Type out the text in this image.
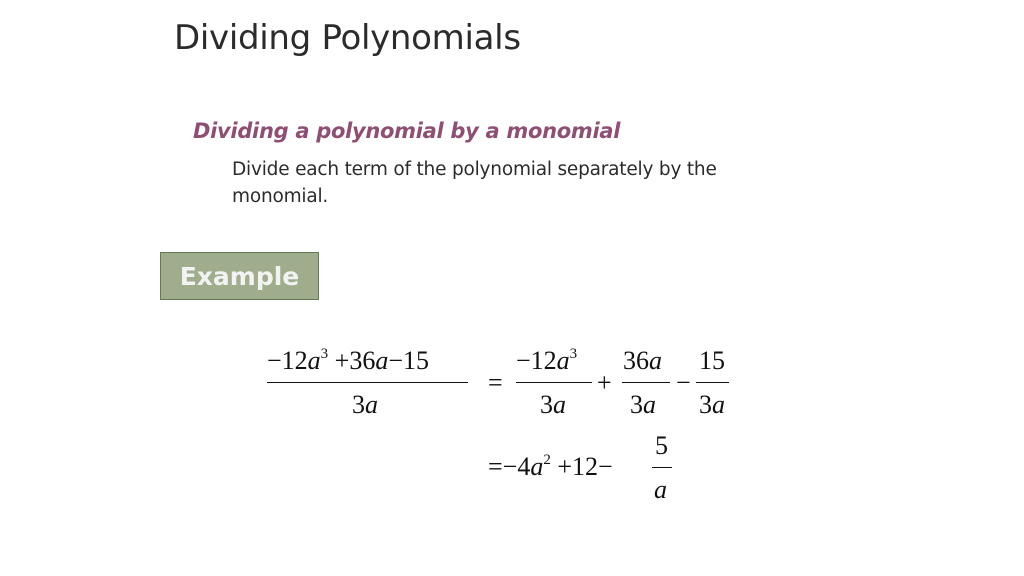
Dividing Polynomials
Dividing a polynomial by a monomial
Divide each term of the polynomial separately by the monomial.
Example
$-12a^3 +36a-15$
3a
=
$-12a^3$
3a
+
36a
3a
−
15
3a
$=-4a^2 +12-$
5
a
